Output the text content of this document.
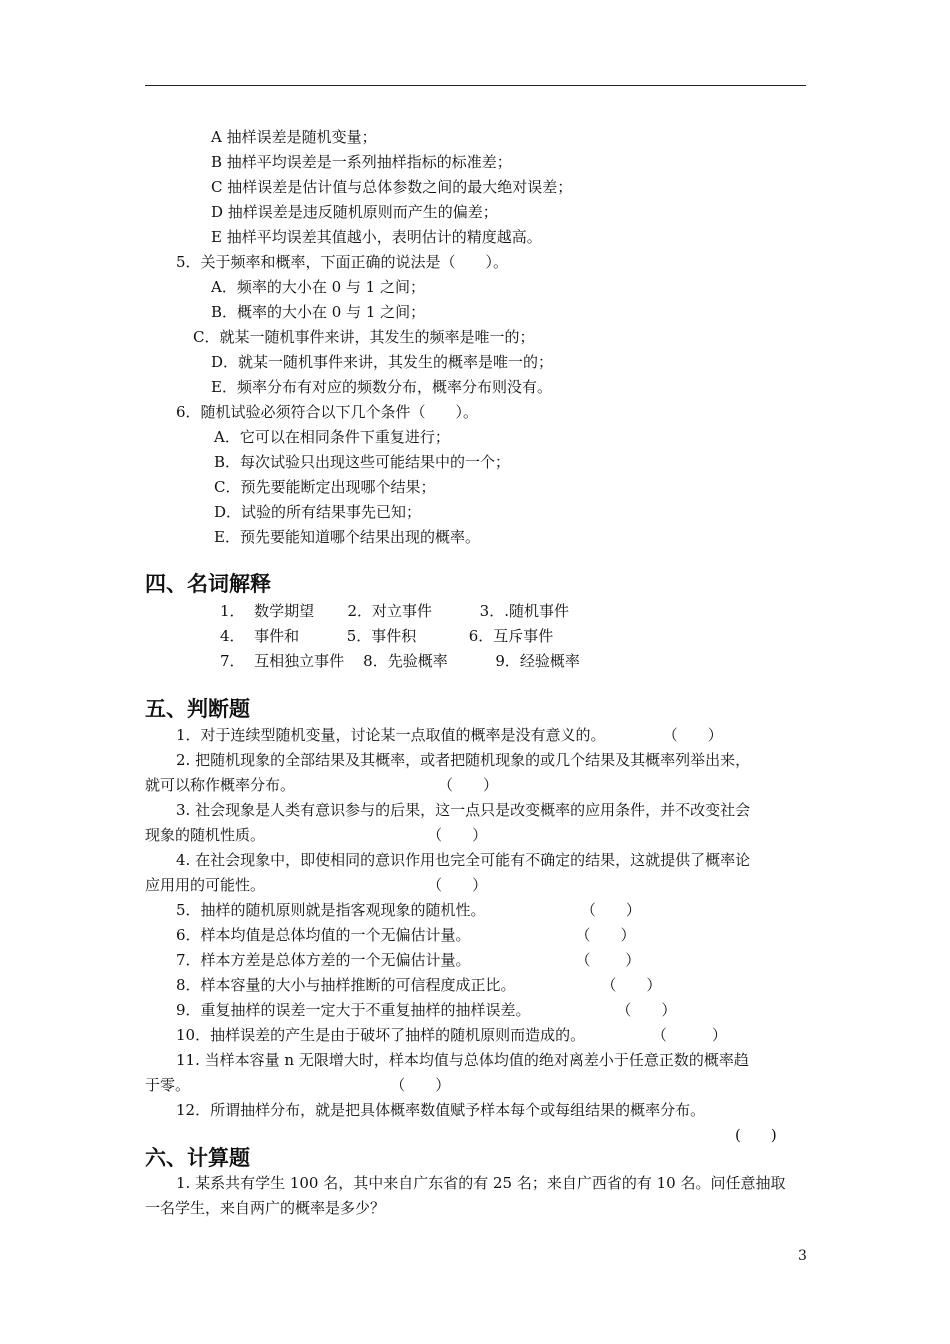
A 抽样误差是随机变量；
B 抽样平均误差是一系列抽样指标的标准差；
C 抽样误差是估计值与总体参数之间的最大绝对误差；
D 抽样误差是违反随机原则而产生的偏差；
E 抽样平均误差其值越小，表明估计的精度越高。
5．关于频率和概率，下面正确的说法是（　　）。
A．频率的大小在 0 与 1 之间；
B．概率的大小在 0 与 1 之间；
C．就某一随机事件来讲，其发生的频率是唯一的；
D．就某一随机事件来讲，其发生的概率是唯一的；
E．频率分布有对应的频数分布，概率分布则没有。
6．随机试验必须符合以下几个条件（　　）。
A．它可以在相同条件下重复进行；
B．每次试验只出现这些可能结果中的一个；
C．预先要能断定出现哪个结果；
D．试验的所有结果事先已知；
E．预先要能知道哪个结果出现的概率。
四、名词解释
1．  数学期望       2．对立事件          3．.随机事件
4．  事件和          5．事件积           6．互斥事件
7．  互相独立事件    8．先验概率          9．经验概率
五、判断题
1．对于连续型随机变量，讨论某一点取值的概率是没有意义的。            （　　）
2. 把随机现象的全部结果及其概率，或者把随机现象的或几个结果及其概率列举出来，
就可以称作概率分布。                              （　　）
3. 社会现象是人类有意识参与的后果，这一点只是改变概率的应用条件，并不改变社会
现象的随机性质。                                  （　　）
4. 在社会现象中，即使相同的意识作用也完全可能有不确定的结果，这就提供了概率论
应用用的可能性。                                  （　　）
5．抽样的随机原则就是指客观现象的随机性。                    （　　）
6．样本均值是总体均值的一个无偏估计量。                      （　　）
7．样本方差是总体方差的一个无偏估计量。                      （　　 ）
8．样本容量的大小与抽样推断的可信程度成正比。                  （　　）
9．重复抽样的误差一定大于不重复抽样的抽样误差。                  （　　）
10．抽样误差的产生是由于破坏了抽样的随机原则而造成的。              （　　　）
11. 当样本容量 n 无限增大时，样本均值与总体均值的绝对离差小于任意正数的概率趋
于零。                                          （　　）
12．所谓抽样分布，就是把具体概率数值赋予样本每个或每组结果的概率分布。
(　　)
六、计算题
1. 某系共有学生 100 名，其中来自广东省的有 25 名；来自广西省的有 10 名。问任意抽取
一名学生，来自两广的概率是多少？
3
